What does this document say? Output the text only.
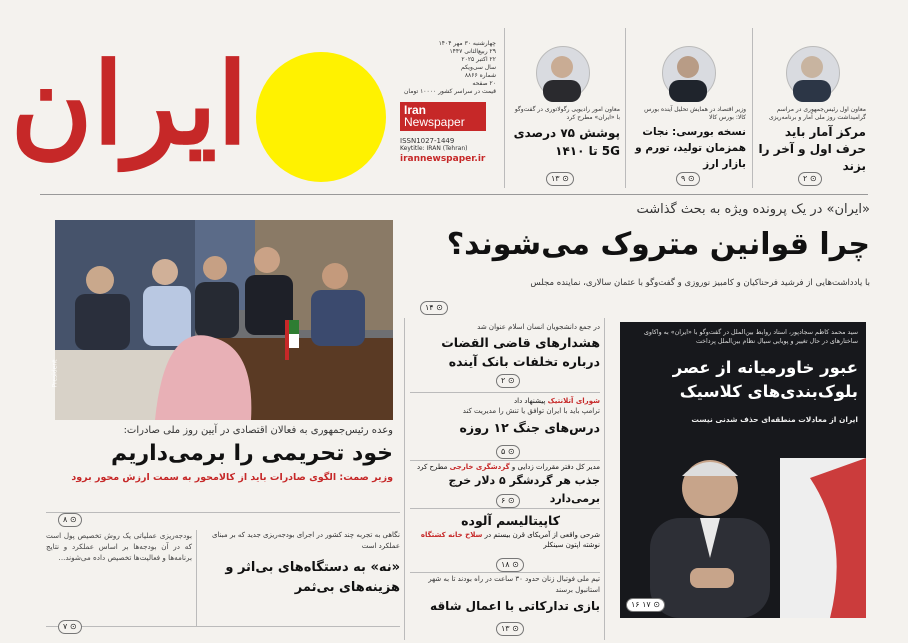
ایران	چهارشنبه ۳۰ مهر ۱۴۰۴
۲۹ ربیع‌الثانی ۱۴۴۷
۲۲ اکتبر ۲۰۲۵
سال سی‌ویکم
شماره ۸۸۶۶
۲۰ صفحه
قیمت در سراسر کشور ۱۰۰۰۰ تومان
Iran
Newspaper
ISSN1027-1449
Keytitle: IRAN (Tehran)
irannewspaper.ir
معاون اول رئیس‌جمهوری در مراسم گرامیداشت روز ملی آمار و برنامه‌ریزی
مرکز آمار باید حرف اول و آخر را بزند
۲ ⊙
وزیر اقتصاد در همایش تحلیل آینده بورس کالا: بورس کالا
نسخه بورسی: نجات همزمان تولید، تورم و بازار ارز
۹ ⊙
معاون امور رادیویی رگولاتوری در گفت‌وگو با «ایران» مطرح کرد
پوشش ۷۵ درصدی 5G تا ۱۴۱۰
۱۳ ⊙
«ایران» در یک پرونده ویژه به بحث گذاشت
چرا قوانین متروک می‌شوند؟
با یادداشت‌هایی از فرشید فرحناکیان و کامبیز نوروزی و گفت‌وگو با عثمان سالاری، نماینده مجلس
۱۴ ⊙
President
وعده رئیس‌جمهوری به فعالان اقتصادی در آیین روز ملی صادرات:
خود تحریمی را برمی‌داریم
وزیر صمت: الگوی صادرات باید از کالامحور به سمت ارزش محور برود
۸ ⊙
در جمع دانشجویان انسان اسلام عنوان شد
هشدارهای قاضی القضات درباره تخلفات بانک آینده
۲ ⊙
شورای آتلانتیک پیشنهاد داد
ترامپ باید با ایران توافق یا تنش را مدیریت کند
درس‌های جنگ ۱۲ روزه
۵ ⊙
مدیر کل دفتر مقررات زدایی و گردشگری خارجی مطرح کرد
جذب هر گردشگر ۵ دلار خرج برمی‌دارد
۶ ⊙
کاپیتالیسم آلوده
شرحی واقعی از آمریکای قرن بیستم در سلاح خانه کشتگاه نوشته اپتون سینکلر
۱۸ ⊙
تیم ملی فوتبال زنان حدود ۳۰ ساعت در راه بودند تا به شهر استانبول برسند
بازی تدارکاتی با اعمال شاقه
۱۳ ⊙
سید محمد کاظم سجادپور، استاد روابط بین‌الملل در گفت‌وگو با «ایران» به واکاوی ساختارهای در حال تغییر و پویایی سیال نظام بین‌الملل پرداخت
عبور خاورمیانه از عصر بلوک‌بندی‌های کلاسیک
ایران از معادلات منطقه‌ای حذف شدنی نیست
۱۶ ۱۷ ⊙
نگاهی به تجربه چند کشور در اجرای بودجه‌ریزی جدید که بر مبنای عملکرد است
«نه» به دستگاه‌های بی‌اثر و هزینه‌های بی‌ثمر
بودجه‌ریزی عملیاتی یک روش تخصیص پول است که در آن بودجه‌ها بر اساس عملکرد و نتایج برنامه‌ها و فعالیت‌ها تخصیص داده می‌شوند...
۷ ⊙
